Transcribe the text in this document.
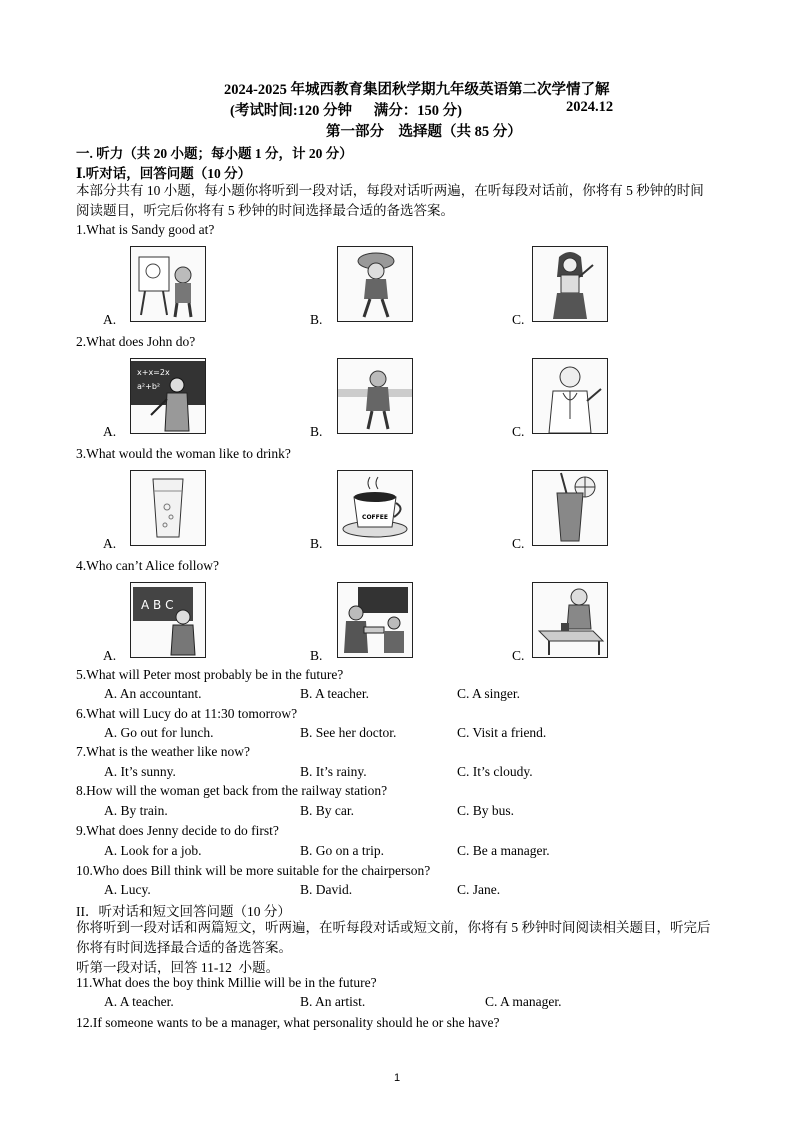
2024-2025 年城西教育集团秋学期九年级英语第二次学情了解
(考试时间:120 分钟      满分：150 分)	2024.12
第一部分    选择题（共 85 分）
一. 听力（共 20 小题；每小题 1 分，计 20 分）
Ⅰ.听对话，回答问题（10 分）
本部分共有 10 小题，每小题你将听到一段对话，每段对话听两遍，在听每段对话前，你将有 5 秒钟的时间阅读题目，听完后你将有 5 秒钟的时间选择最合适的备选答案。
1.What is Sandy good at?
A.	B.	C.
2.What does John do?
x+x=2x
a²+b²
A.	B.	C.
3.What would the woman like to drink?
A.
COFFEE
B.	C.
4.Who can’t Alice follow?
A B C
A.	B.	C.
5.What will Peter most probably be in the future?
A. An accountant.	B. A teacher.	C. A singer.
6.What will Lucy do at 11:30 tomorrow?
A. Go out for lunch.	B. See her doctor.	C. Visit a friend.
7.What is the weather like now?
A. It’s sunny.	B. It’s rainy.	C. It’s cloudy.
8.How will the woman get back from the railway station?
A. By train.	B. By car.	C. By bus.
9.What does Jenny decide to do first?
A. Look for a job.	B. Go on a trip.	C. Be a manager.
10.Who does Bill think will be more suitable for the chairperson?
A. Lucy.	B. David.	C. Jane.
II．听对话和短文回答问题（10 分）
你将听到一段对话和两篇短文，听两遍，在听每段对话或短文前，你将有 5 秒钟时间阅读相关题目，听完后你将有时间选择最合适的备选答案。
听第一段对话，回答 11-12  小题。
11.What does the boy think Millie will be in the future?
A. A teacher.	B. An artist.	C. A manager.
12.If someone wants to be a manager, what personality should he or she have?
1
